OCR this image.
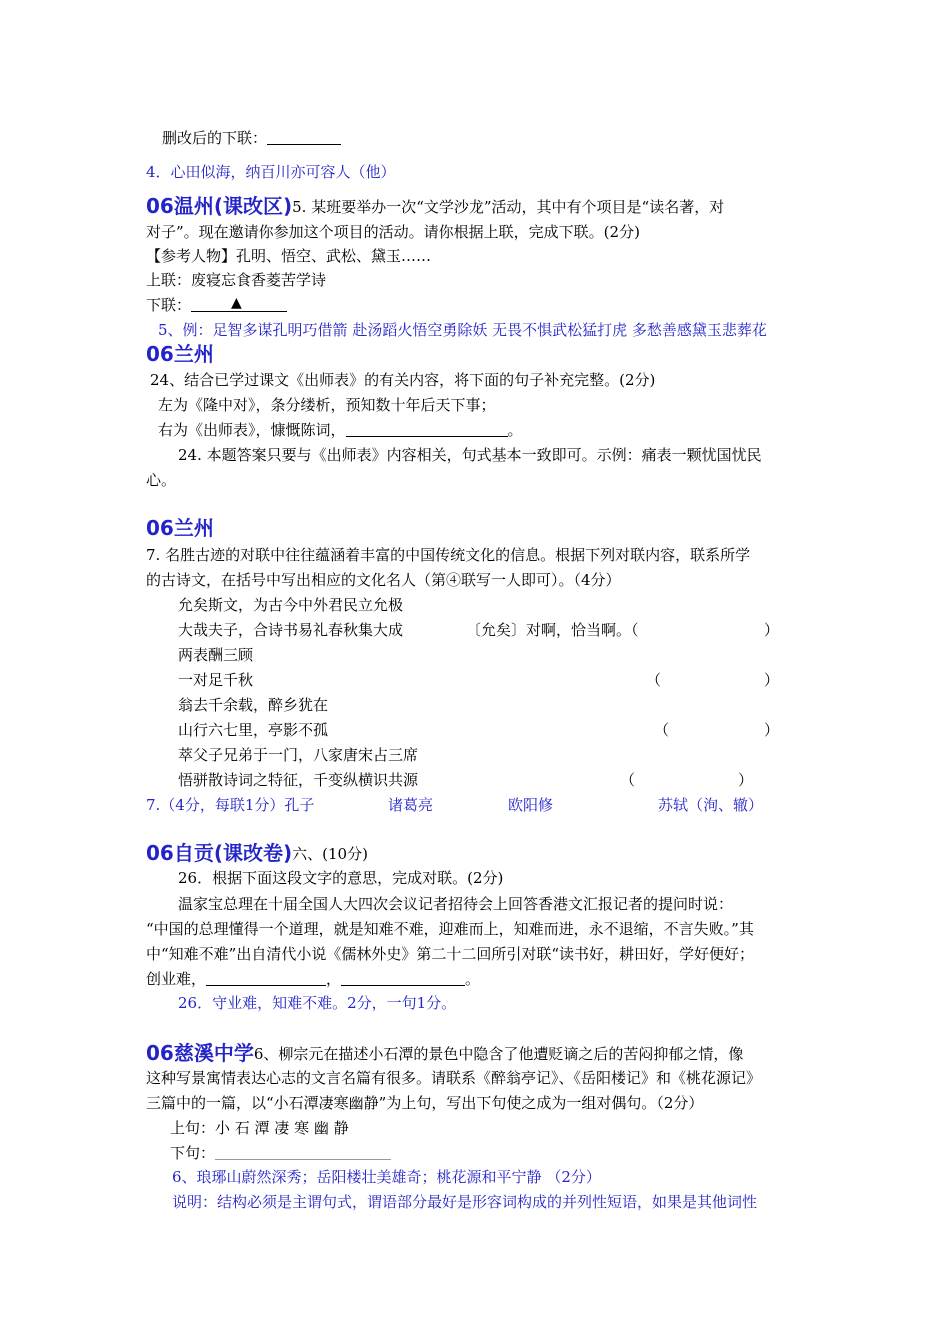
删改后的下联：
4．心田似海，纳百川亦可容人（他）
06温州(课改区)5. 某班要举办一次“文学沙龙”活动，其中有个项目是“读名著，对
对子”。现在邀请你参加这个项目的活动。请你根据上联，完成下联。(2分)
【参考人物】孔明、悟空、武松、黛玉……
上联：废寝忘食香菱苦学诗
下联：	▲
5、例：足智多谋孔明巧借箭 赴汤蹈火悟空勇除妖 无畏不惧武松猛打虎 多愁善感黛玉悲葬花
06兰州
24、结合已学过课文《出师表》的有关内容，将下面的句子补充完整。(2分)
左为《隆中对》，条分缕析，预知数十年后天下事；
右为《出师表》，慷慨陈词，	。
24. 本题答案只要与《出师表》内容相关，句式基本一致即可。示例：痛表一颗忧国忧民
心。
06兰州
7. 名胜古迹的对联中往往蕴涵着丰富的中国传统文化的信息。根据下列对联内容，联系所学
的古诗文，在括号中写出相应的文化名人（第④联写一人即可）。（4分）
允矣斯文，为古今中外君民立允极
大哉夫子，合诗书易礼春秋集大成	〔允矣〕对啊，恰当啊。（	）
两表酬三顾
一对足千秋	（	）
翁去千余载，醉乡犹在
山行六七里，亭影不孤	（	）
萃父子兄弟于一门，八家唐宋占三席
悟骈散诗词之特征，千变纵横识共源	（	）
7.（4分，每联1分）孔子	诸葛亮	欧阳修	苏轼（洵、辙）
06自贡(课改卷)六、(10分)
26．根据下面这段文字的意思，完成对联。(2分)
温家宝总理在十届全国人大四次会议记者招待会上回答香港文汇报记者的提问时说：
“中国的总理懂得一个道理，就是知难不难，迎难而上，知难而进，永不退缩，不言失败。”其
中“知难不难”出自清代小说《儒林外史》第二十二回所引对联“读书好，耕田好，学好便好；
创业难，	，	。
26．守业难，知难不难。2分，一句1分。
06慈溪中学6、柳宗元在描述小石潭的景色中隐含了他遭贬谪之后的苦闷抑郁之情，像
这种写景寓情表达心志的文言名篇有很多。请联系《醉翁亭记》、《岳阳楼记》和《桃花源记》
三篇中的一篇，以“小石潭凄寒幽静”为上句，写出下句使之成为一组对偶句。（2分）
上句：小 石 潭 凄 寒 幽 静
下句：
6、琅琊山蔚然深秀；岳阳楼壮美雄奇；桃花源和平宁静 （2分）
说明：结构必须是主谓句式，谓语部分最好是形容词构成的并列性短语，如果是其他词性
